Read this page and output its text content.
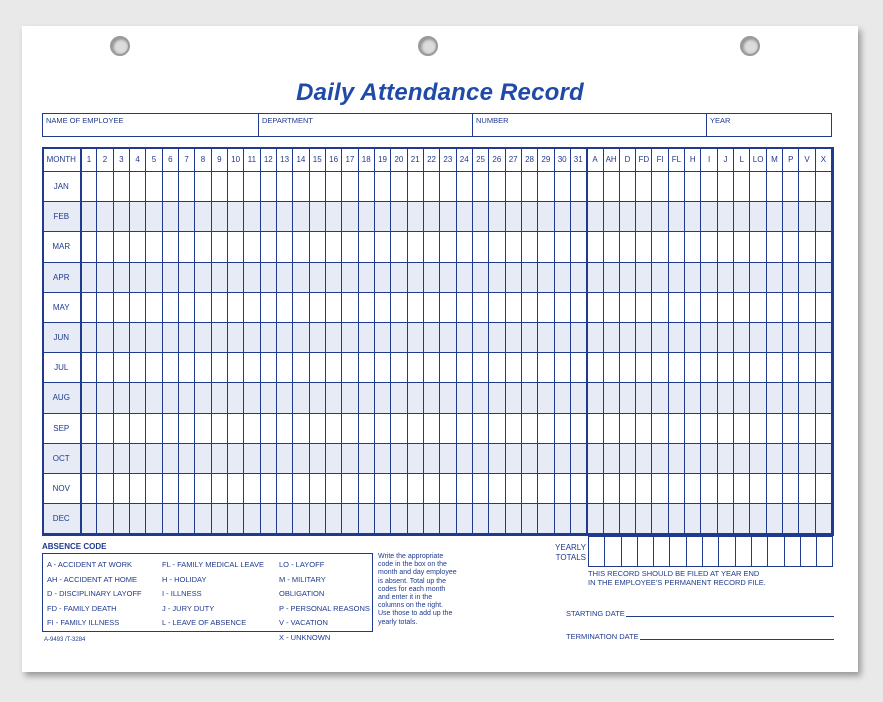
Daily Attendance Record
NAME OF EMPLOYEE	DEPARTMENT	NUMBER	YEAR
MONTH	1	2	3	4	5	6	7	8	9	10	11	12	13	14	15	16	17	18	19	20	21	22	23	24	25	26	27	28	29	30	31	A	AH	D	FD	FI	FL	H	I	J	L	LO	M	P	V	X
JAN																																														
FEB																																														
MAR																																														
APR																																														
MAY																																														
JUN																																														
JUL																																														
AUG																																														
SEP																																														
OCT																																														
NOV																																														
DEC																																														
ABSENCE CODE
A - ACCIDENT AT WORK
AH - ACCIDENT AT HOME
D - DISCIPLINARY LAYOFF
FD - FAMILY DEATH
FI - FAMILY ILLNESS
FL - FAMILY MEDICAL LEAVE
H - HOLIDAY
I - ILLNESS
J - JURY DUTY
L - LEAVE OF ABSENCE
LO - LAYOFF
M - MILITARY OBLIGATION
P - PERSONAL REASONS
V - VACATION
X - UNKNOWN
Write the appropriate
code in the box on the
month and day employee
is absent. Total up the
codes for each month
and enter it in the
columns on the right.
Use those to add up the
yearly totals.
A-9493 /T-3284
YEARLY
TOTALS

THIS RECORD SHOULD BE FILED AT YEAR END
IN THE EMPLOYEE'S PERMANENT RECORD FILE.
STARTING DATE
TERMINATION DATE
